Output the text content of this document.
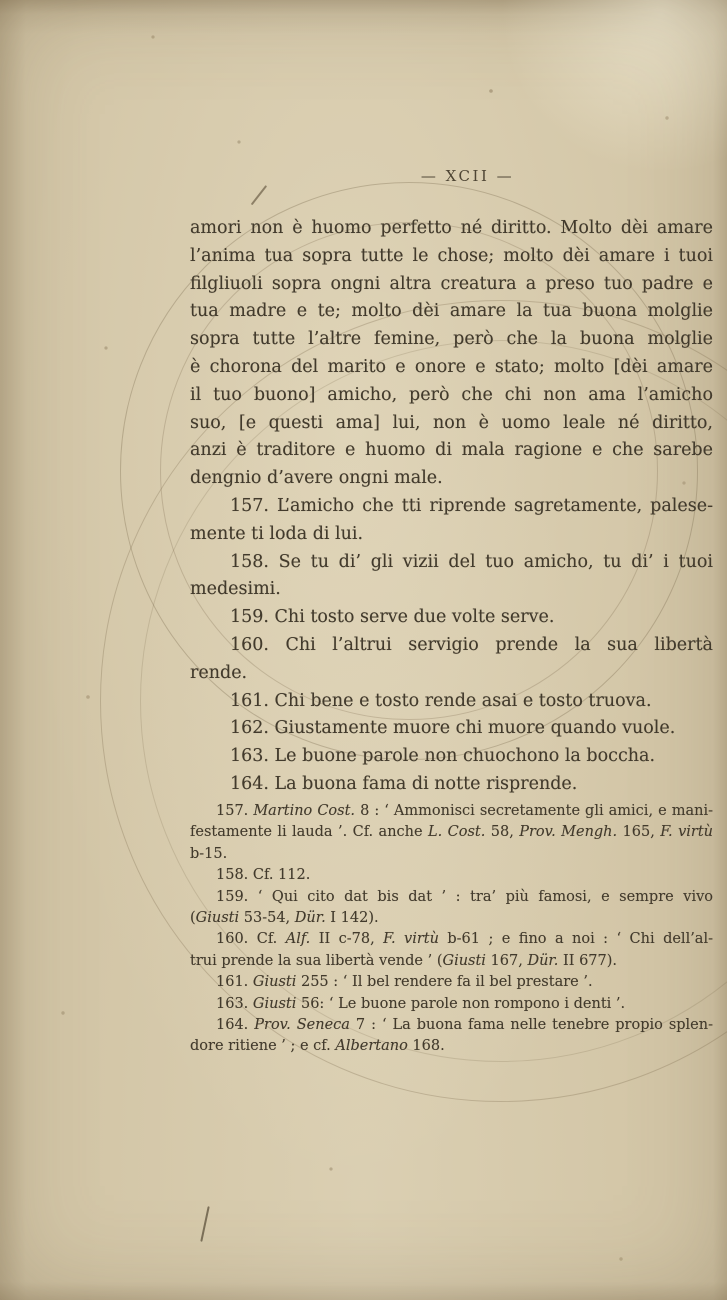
— XCII —
amori non è huomo perfetto né diritto. Molto dèi amare
l’anima tua sopra tutte le chose; molto dèi amare i tuoi
filgliuoli sopra ongni altra creatura a preso tuo padre e
tua madre e te; molto dèi amare la tua buona molglie
sopra tutte l’altre femine, però che la buona molglie
è chorona del marito e onore e stato; molto [dèi amare
il tuo buono] amicho, però che chi non ama l’amicho
suo, [e questi ama] lui, non è uomo leale né diritto,
anzi è traditore e huomo di mala ragione e che sarebe
dengnio d’avere ongni male.
157. L’amicho che tti riprende sagretamente, palese-
mente ti loda di lui.
158. Se tu di’ gli vizii del tuo amicho, tu di’ i tuoi
medesimi.
159. Chi tosto serve due volte serve.
160. Chi l’altrui servigio prende la sua libertà
rende.
161. Chi bene e tosto rende asai e tosto truova.
162. Giustamente muore chi muore quando vuole.
163. Le buone parole non chuochono la boccha.
164. La buona fama di notte risprende.
157. Martino Cost. 8 : ‘ Ammonisci secretamente gli amici, e mani-
festamente li lauda ’. Cf. anche L. Cost. 58, Prov. Mengh. 165, F. virtù
b-15.
158. Cf. 112.
159. ‘ Qui cito dat bis dat ’ : tra’ più famosi, e sempre vivo
(Giusti 53-54, Dür. I 142).
160. Cf. Alf. II c-78, F. virtù b-61 ; e fino a noi : ‘ Chi dell’al-
trui prende la sua libertà vende ’ (Giusti 167, Dür. II 677).
161. Giusti 255 : ‘ Il bel rendere fa il bel prestare ’.
163. Giusti 56: ‘ Le buone parole non rompono i denti ’.
164. Prov. Seneca 7 : ‘ La buona fama nelle tenebre propio splen-
dore ritiene ’ ; e cf. Albertano 168.
